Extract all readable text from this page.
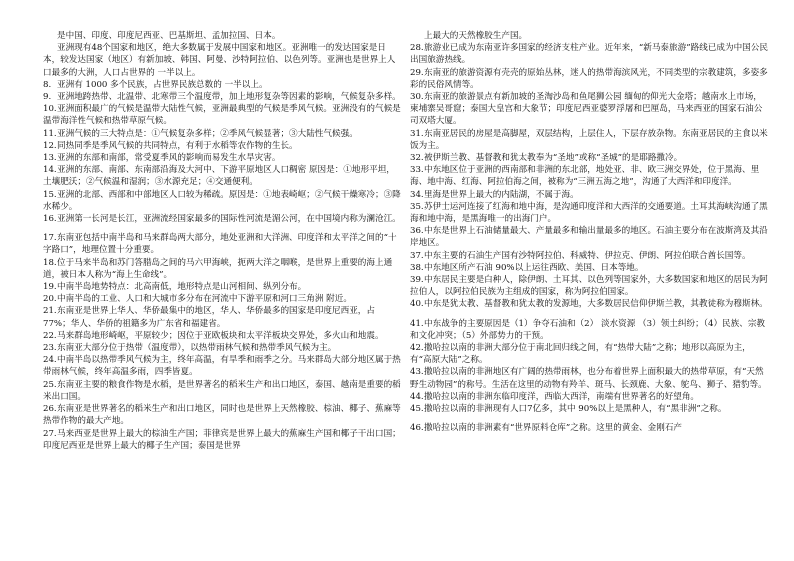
是中国、印度、印度尼西亚、巴基斯坦、孟加拉国、日本。
亚洲现有48个国家和地区，绝大多数属于发展中国家和地区。亚洲唯一的发达国家是日本，较发达国家（地区）有新加坡、韩国、阿曼、沙特阿拉伯、以色列等。亚洲也是世界上人口最多的大洲，人口占世界的 一半以上。
8. 亚洲有 1000 多个民族，占世界民族总数的 一半以上。
9. 亚洲地跨热带、北温带、北寒带三个温度带，加上地形复杂等因素的影响，气候复杂多样。
10.亚洲面积最广的气候是温带大陆性气候，亚洲最典型的气候是季风气候。亚洲没有的气候是温带海洋性气候和热带草原气候。
11.亚洲气候的三大特点是：①气候复杂多样；②季风气候显著；③大陆性气候强。
12.同热同季是季风气候的共同特点，有利于水稻等农作物的生长。
13.亚洲的东部和南部，常受夏季风的影响而易发生水旱灾害。
14.亚洲的东部、南部、东南部沿海及大河中、下游平原地区人口稠密 原因是：①地形平坦，土壤肥沃；②气候温和湿润；③水源充足；④交通便利。
15.亚洲的北部、西部和中部地区人口较为稀疏。原因是：①地表崎岖；②气候干燥寒冷；③降水稀少。
16.亚洲第一长河是长江，亚洲流经国家最多的国际性河流是湄公河，在中国境内称为澜沧江。
17.东南亚包括中南半岛和马来群岛两大部分，地处亚洲和大洋洲、印度洋和太平洋之间的“十字路口”，地理位置十分重要。
18.位于马来半岛和苏门答腊岛之间的马六甲海峡，扼两大洋之咽喉，是世界上重要的海上通道，被日本人称为“海上生命线”。
19.中南半岛地势特点：北高南低，地形特点是山河相间、纵列分布。
20.中南半岛的工业、人口和大城市多分布在河流中下游平原和河口三角洲 附近。
21.东南亚是世界上华人、华侨最集中的地区，华人、华侨最多的国家是印度尼西亚，占77%；华人、华侨的祖籍多为广东省和福建省。
22.马来群岛地形崎岖，平原较少；因位于亚欧板块和太平洋板块交界处，多火山和地震。
23.东南亚大部分位于热带（温度带），以热带雨林气候和热带季风气候为主。
24.中南半岛以热带季风气候为主，终年高温，有旱季和雨季之分。马来群岛大部分地区属于热带雨林气候，终年高温多雨，四季皆夏。
25.东南亚主要的粮食作物是水稻，是世界著名的稻米生产和出口地区，泰国、越南是重要的稻米出口国。
26.东南亚是世界著名的稻米生产和出口地区，同时也是世界上天然橡胶、棕油、椰子、蕉麻等热带作物的最大产地。
27.马来西亚是世界上最大的棕油生产国；菲律宾是世界上最大的蕉麻生产国和椰子干出口国；印度尼西亚是世界上最大的椰子生产国；泰国是世界
上最大的天然橡胶生产国。
28.旅游业已成为东南亚许多国家的经济支柱产业。近年来，“新马泰旅游”路线已成为中国公民出国旅游热线。
29.东南亚的旅游资源有壳壳的原始丛林，迷人的热带海滨风光，不同类型的宗教建筑，多姿多彩的民俗风情等。
30.东南亚的旅游景点有新加坡的圣淘沙岛和鱼尾狮公园 缅甸的仰光大金塔；越南水上市场，柬埔寨吴哥窟；泰国大皇宫和大象节；印度尼西亚婆罗浮屠和巴厘岛，马来西亚的国家石油公司双塔大厦。
31.东南亚居民的房屋是高脚屋，双层结构，上层住人，下层存放杂物。东南亚居民的主食以米饭为主。
32.被伊斯兰教、基督教和犹太教奉为“圣地”或称“圣城”的是耶路撒冷。
33.中东地区位于亚洲的西南部和非洲的东北部，地处亚、非、欧三洲交界处，位于黑海、里海、地中海、红海、阿拉伯海之间，被称为“三洲五海之地”，沟通了大西洋和印度洋。
34.里海是世界上最大的内陆湖，不属于海。
35.苏伊士运河连接了红海和地中海，是沟通印度洋和大西洋的交通要道。土耳其海峡沟通了黑海和地中海，是黑海唯一的出海门户。
36.中东是世界上石油储量最大、产量最多和输出量最多的地区。石油主要分布在波斯湾及其沿岸地区。
37.中东主要的石油生产国有沙特阿拉伯、科威特、伊拉克、伊朗、阿拉伯联合酋长国等。
38.中东地区所产石油 90%以上运往西欧、美国、日本等地。
39.中东居民主要是白种人，除伊朗、土耳其、以色列等国家外，大多数国家和地区的居民为阿拉伯人，以阿拉伯民族为主组成的国家，称为阿拉伯国家。
40.中东是犹太教、基督教和犹太教的发源地，大多数居民信仰伊斯兰教，其教徒称为穆斯林。
41.中东战争的主要原因是（1）争夺石油和（2） 淡水资源 （3）领土纠纷；（4）民族、宗教和文化冲突；（5）外部势力的干预。
42.撒哈拉以南的非洲大部分位于南北回归线之间，有“热带大陆”之称；地形以高原为主，有“高原大陆”之称。
43.撒哈拉以南的非洲地区有广阔的热带雨林，也分布着世界上面积最大的热带草原，有“天然野生动物园”的称号。生活在这里的动物有羚羊、斑马、长颈鹿、大象、鸵鸟、狮子、猎豹等。
44.撒哈拉以南的非洲东临印度洋，西临大西洋，南端有世界著名的好望角。
45.撒哈拉以南的非洲现有人口7亿多，其中 90%以上是黑种人，有“黑非洲”之称。
46.撒哈拉以南的非洲素有“世界原料仓库”之称。这里的黄金、金刚石产
